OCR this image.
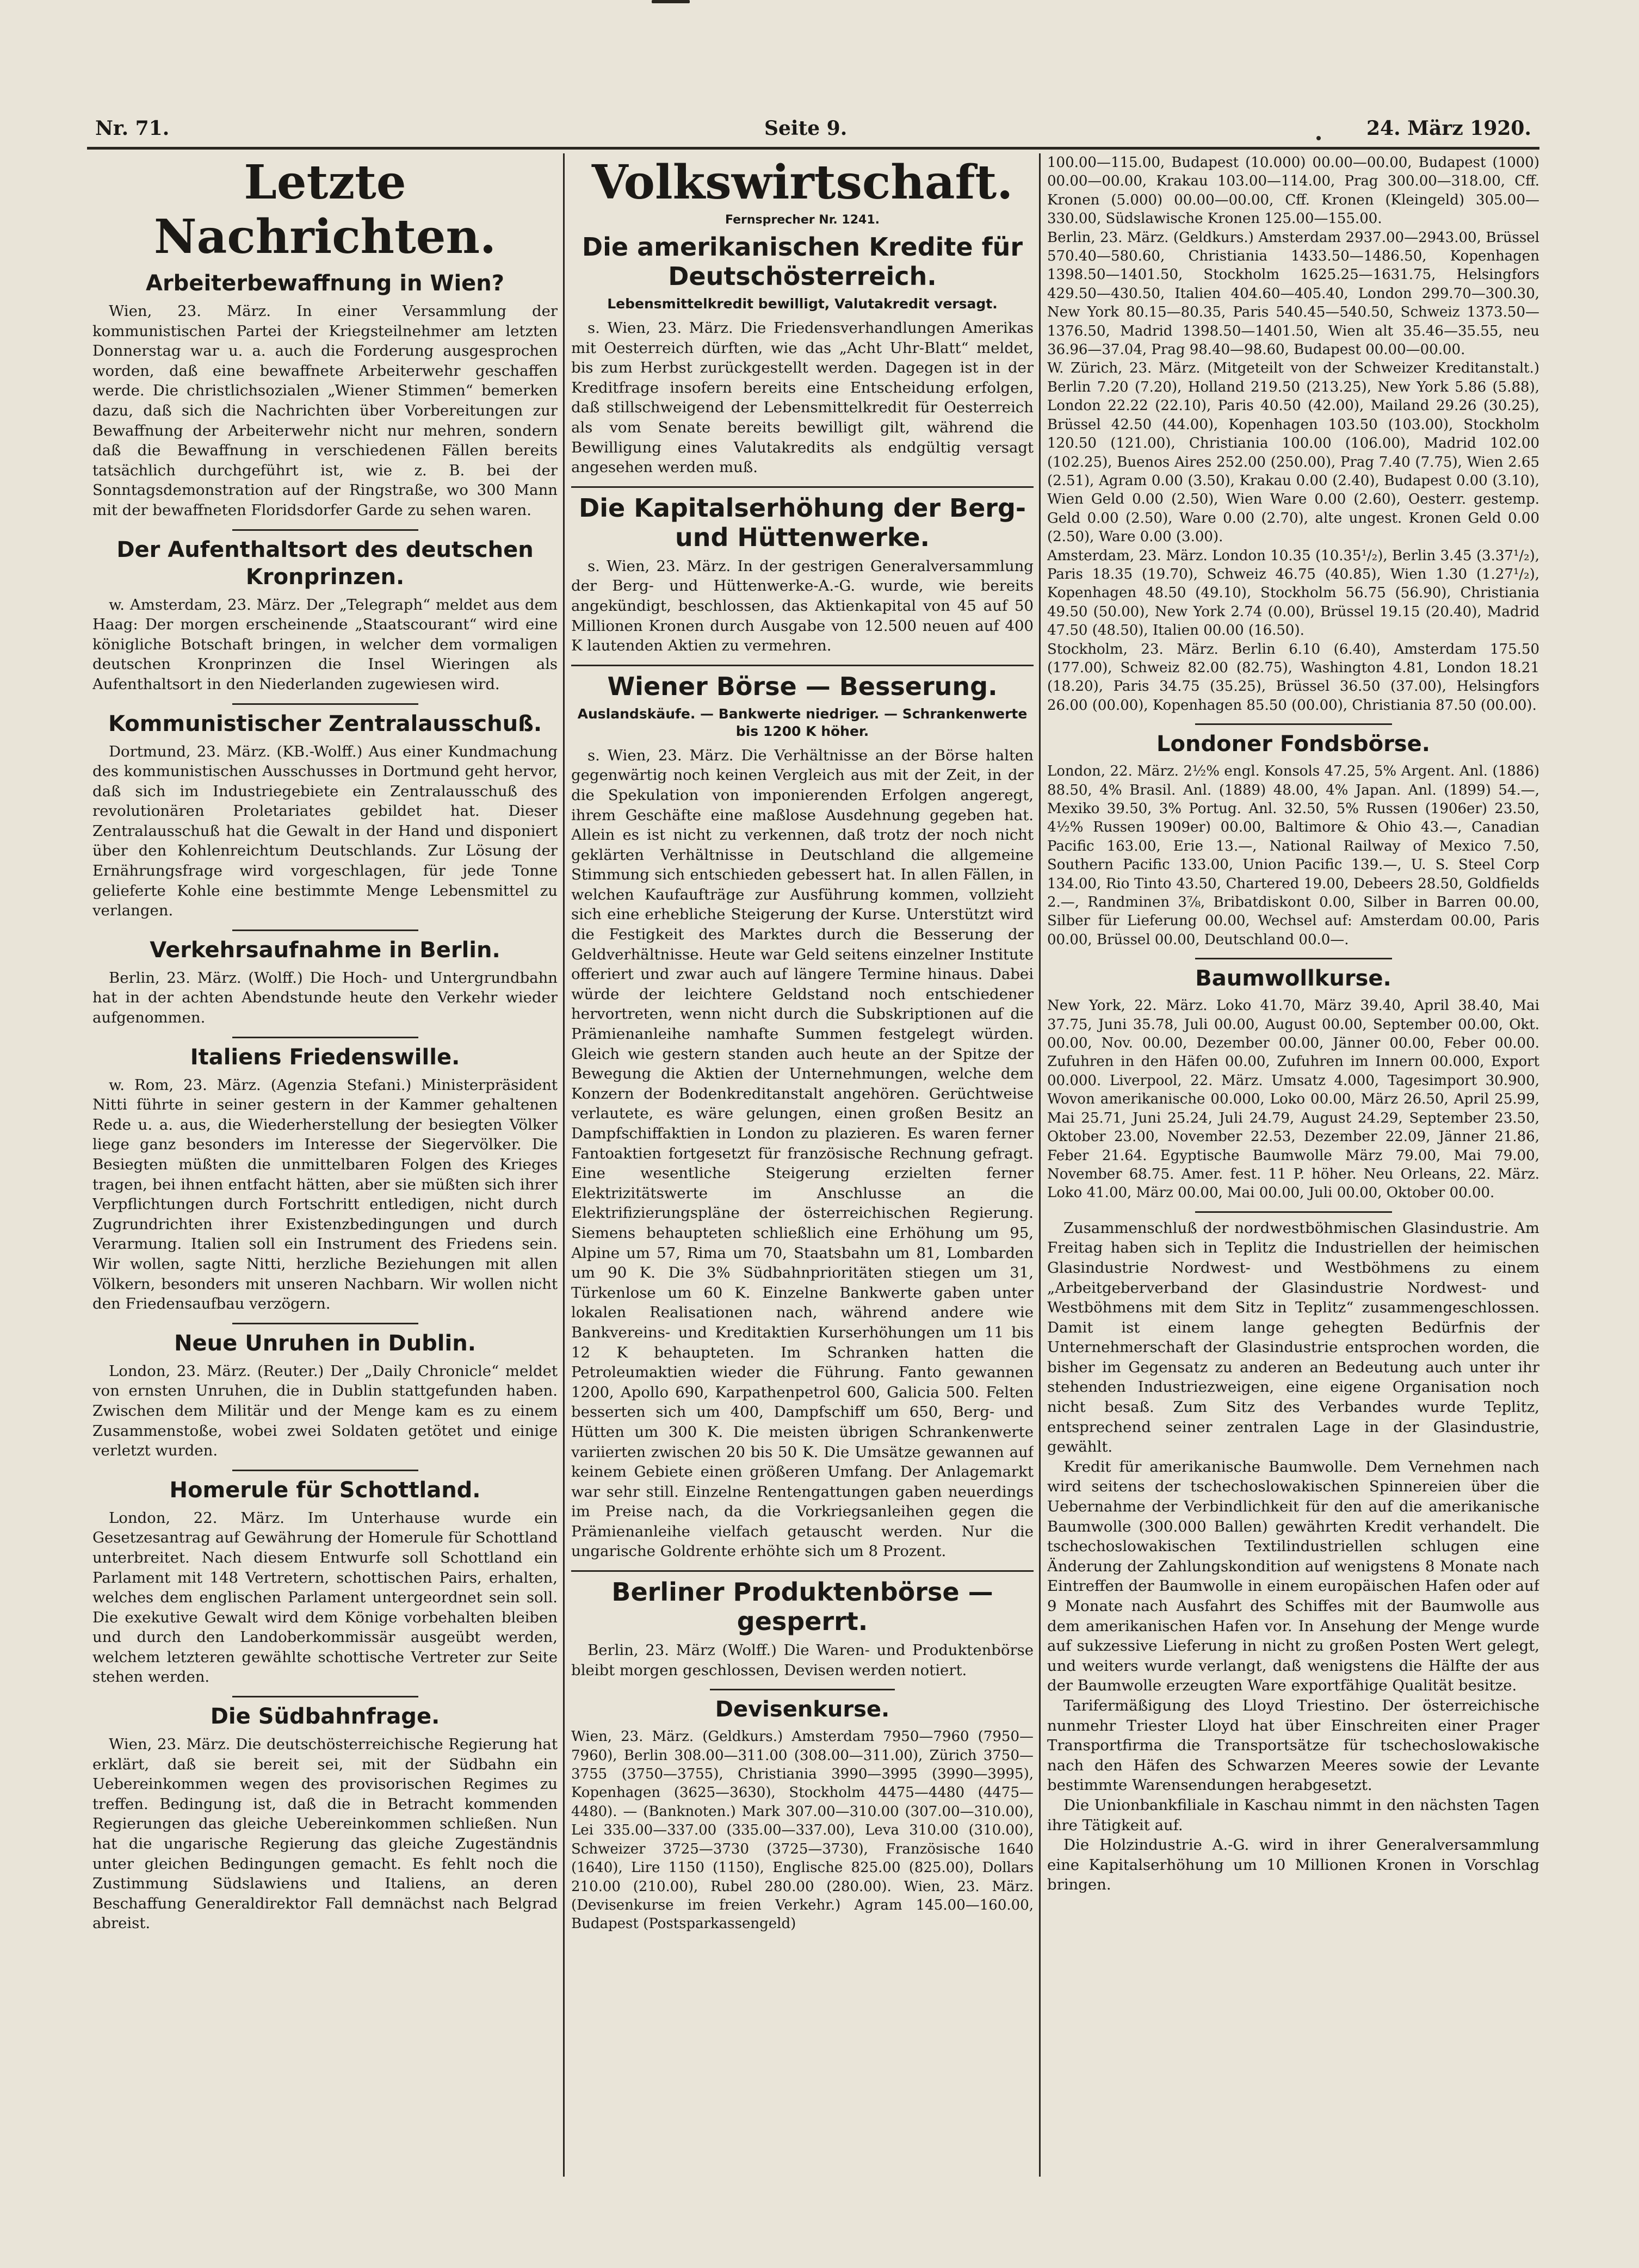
Nr. 71.	Seite 9.	24. März 1920.
Letzte Nachrichten.
Arbeiterbewaffnung in Wien?

Wien, 23. März. In einer Versammlung der kommunistischen Partei der Kriegsteilnehmer am letzten Donnerstag war u. a. auch die Forderung ausgesprochen worden, daß eine bewaffnete Arbeiterwehr geschaffen werde. Die christlichsozialen „Wiener Stimmen“ bemerken dazu, daß sich die Nachrichten über Vorbereitungen zur Bewaffnung der Arbeiterwehr nicht nur mehren, sondern daß die Bewaffnung in verschiedenen Fällen bereits tatsächlich durchgeführt ist, wie z. B. bei der Sonntagsdemonstration auf der Ringstraße, wo 300 Mann mit der bewaffneten Floridsdorfer Garde zu sehen waren.

Der Aufenthaltsort des deutschen Kronprinzen.

w. Amsterdam, 23. März. Der „Telegraph“ meldet aus dem Haag: Der morgen erscheinende „Staatscourant“ wird eine königliche Botschaft bringen, in welcher dem vormaligen deutschen Kronprinzen die Insel Wieringen als Aufenthaltsort in den Niederlanden zugewiesen wird.

Kommunistischer Zentralausschuß.

Dortmund, 23. März. (KB.-Wolff.) Aus einer Kundmachung des kommunistischen Ausschusses in Dortmund geht hervor, daß sich im Industriegebiete ein Zentralausschuß des revolutionären Proletariates gebildet hat. Dieser Zentralausschuß hat die Gewalt in der Hand und disponiert über den Kohlenreichtum Deutschlands. Zur Lösung der Ernährungsfrage wird vorgeschlagen, für jede Tonne gelieferte Kohle eine bestimmte Menge Lebensmittel zu verlangen.

Verkehrsaufnahme in Berlin.

Berlin, 23. März. (Wolff.) Die Hoch- und Untergrundbahn hat in der achten Abendstunde heute den Verkehr wieder aufgenommen.

Italiens Friedenswille.

w. Rom, 23. März. (Agenzia Stefani.) Ministerpräsident Nitti führte in seiner gestern in der Kammer gehaltenen Rede u. a. aus, die Wiederherstellung der besiegten Völker liege ganz besonders im Interesse der Siegervölker. Die Besiegten müßten die unmittelbaren Folgen des Krieges tragen, bei ihnen entfacht hätten, aber sie müßten sich ihrer Verpflichtungen durch Fortschritt entledigen, nicht durch Zugrundrichten ihrer Existenzbedingungen und durch Verarmung. Italien soll ein Instrument des Friedens sein. Wir wollen, sagte Nitti, herzliche Beziehungen mit allen Völkern, besonders mit unseren Nachbarn. Wir wollen nicht den Friedensaufbau verzögern.

Neue Unruhen in Dublin.

London, 23. März. (Reuter.) Der „Daily Chronicle“ meldet von ernsten Unruhen, die in Dublin stattgefunden haben. Zwischen dem Militär und der Menge kam es zu einem Zusammenstoße, wobei zwei Soldaten getötet und einige verletzt wurden.

Homerule für Schottland.

London, 22. März. Im Unterhause wurde ein Gesetzesantrag auf Gewährung der Homerule für Schottland unterbreitet. Nach diesem Entwurfe soll Schottland ein Parlament mit 148 Vertretern, schottischen Pairs, erhalten, welches dem englischen Parlament untergeordnet sein soll. Die exekutive Gewalt wird dem Könige vorbehalten bleiben und durch den Landoberkommissär ausgeübt werden, welchem letzteren gewählte schottische Vertreter zur Seite stehen werden.

Die Südbahnfrage.

Wien, 23. März. Die deutschösterreichische Regierung hat erklärt, daß sie bereit sei, mit der Südbahn ein Uebereinkommen wegen des provisorischen Regimes zu treffen. Bedingung ist, daß die in Betracht kommenden Regierungen das gleiche Uebereinkommen schließen. Nun hat die ungarische Regierung das gleiche Zugeständnis unter gleichen Bedingungen gemacht. Es fehlt noch die Zustimmung Südslawiens und Italiens, an deren Beschaffung Generaldirektor Fall demnächst nach Belgrad abreist.

Volkswirtschaft.
Fernsprecher Nr. 1241.
Die amerikanischen Kredite für Deutschösterreich.
Lebensmittelkredit bewilligt, Valutakredit versagt.

s. Wien, 23. März. Die Friedensverhandlungen Amerikas mit Oesterreich dürften, wie das „Acht Uhr-Blatt“ meldet, bis zum Herbst zurückgestellt werden. Dagegen ist in der Kreditfrage insofern bereits eine Entscheidung erfolgen, daß stillschweigend der Lebensmittelkredit für Oesterreich als vom Senate bereits bewilligt gilt, während die Bewilligung eines Valutakredits als endgültig versagt angesehen werden muß.

Die Kapitalserhöhung der Berg- und Hüttenwerke.

s. Wien, 23. März. In der gestrigen Generalversammlung der Berg- und Hüttenwerke-A.-G. wurde, wie bereits angekündigt, beschlossen, das Aktienkapital von 45 auf 50 Millionen Kronen durch Ausgabe von 12.500 neuen auf 400 K lautenden Aktien zu vermehren.

Wiener Börse — Besserung.
Auslandskäufe. — Bankwerte niedriger. — Schrankenwerte bis 1200 K höher.

s. Wien, 23. März. Die Verhältnisse an der Börse halten gegenwärtig noch keinen Vergleich aus mit der Zeit, in der die Spekulation von imponierenden Erfolgen angeregt, ihrem Geschäfte eine maßlose Ausdehnung gegeben hat. Allein es ist nicht zu verkennen, daß trotz der noch nicht geklärten Verhältnisse in Deutschland die allgemeine Stimmung sich entschieden gebessert hat. In allen Fällen, in welchen Kaufaufträge zur Ausführung kommen, vollzieht sich eine erhebliche Steigerung der Kurse. Unterstützt wird die Festigkeit des Marktes durch die Besserung der Geldverhältnisse. Heute war Geld seitens einzelner Institute offeriert und zwar auch auf längere Termine hinaus. Dabei würde der leichtere Geldstand noch entschiedener hervortreten, wenn nicht durch die Subskriptionen auf die Prämienanleihe namhafte Summen festgelegt würden. Gleich wie gestern standen auch heute an der Spitze der Bewegung die Aktien der Unternehmungen, welche dem Konzern der Bodenkreditanstalt angehören. Gerüchtweise verlautete, es wäre gelungen, einen großen Besitz an Dampfschiffaktien in London zu plazieren. Es waren ferner Fantoaktien fortgesetzt für französische Rechnung gefragt. Eine wesentliche Steigerung erzielten ferner Elektrizitätswerte im Anschlusse an die Elektrifizierungspläne der österreichischen Regierung. Siemens behaupteten schließlich eine Erhöhung um 95, Alpine um 57, Rima um 70, Staatsbahn um 81, Lombarden um 90 K. Die 3% Südbahnprioritäten stiegen um 31, Türkenlose um 60 K. Einzelne Bankwerte gaben unter lokalen Realisationen nach, während andere wie Bankvereins- und Kreditaktien Kurserhöhungen um 11 bis 12 K behaupteten. Im Schranken hatten die Petroleumaktien wieder die Führung. Fanto gewannen 1200, Apollo 690, Karpathenpetrol 600, Galicia 500. Felten besserten sich um 400, Dampfschiff um 650, Berg- und Hütten um 300 K. Die meisten übrigen Schrankenwerte variierten zwischen 20 bis 50 K. Die Umsätze gewannen auf keinem Gebiete einen größeren Umfang. Der Anlagemarkt war sehr still. Einzelne Rentengattungen gaben neuerdings im Preise nach, da die Vorkriegsanleihen gegen die Prämienanleihe vielfach getauscht werden. Nur die ungarische Goldrente erhöhte sich um 8 Prozent.

Berliner Produktenbörse — gesperrt.

Berlin, 23. März (Wolff.) Die Waren- und Produktenbörse bleibt morgen geschlossen, Devisen werden notiert.

Devisenkurse.

Wien, 23. März. (Geldkurs.) Amsterdam 7950—7960 (7950—7960), Berlin 308.00—311.00 (308.00—311.00), Zürich 3750—3755 (3750—3755), Christiania 3990—3995 (3990—3995), Kopenhagen (3625—3630), Stockholm 4475—4480 (4475—4480). — (Banknoten.) Mark 307.00—310.00 (307.00—310.00), Lei 335.00—337.00 (335.00—337.00), Leva 310.00 (310.00), Schweizer 3725—3730 (3725—3730), Französische 1640 (1640), Lire 1150 (1150), Englische 825.00 (825.00), Dollars 210.00 (210.00), Rubel 280.00 (280.00). Wien, 23. März. (Devisenkurse im freien Verkehr.) Agram 145.00—160.00, Budapest (Postsparkassengeld)

100.00—115.00, Budapest (10.000) 00.00—00.00, Budapest (1000) 00.00—00.00, Krakau 103.00—114.00, Prag 300.00—318.00, Cff. Kronen (5.000) 00.00—00.00, Cff. Kronen (Kleingeld) 305.00—330.00, Südslawische Kronen 125.00—155.00.

Berlin, 23. März. (Geldkurs.) Amsterdam 2937.00—2943.00, Brüssel 570.40—580.60, Christiania 1433.50—1486.50, Kopenhagen 1398.50—1401.50, Stockholm 1625.25—1631.75, Helsingfors 429.50—430.50, Italien 404.60—405.40, London 299.70—300.30, New York 80.15—80.35, Paris 540.45—540.50, Schweiz 1373.50—1376.50, Madrid 1398.50—1401.50, Wien alt 35.46—35.55, neu 36.96—37.04, Prag 98.40—98.60, Budapest 00.00—00.00.

W. Zürich, 23. März. (Mitgeteilt von der Schweizer Kreditanstalt.) Berlin 7.20 (7.20), Holland 219.50 (213.25), New York 5.86 (5.88), London 22.22 (22.10), Paris 40.50 (42.00), Mailand 29.26 (30.25), Brüssel 42.50 (44.00), Kopenhagen 103.50 (103.00), Stockholm 120.50 (121.00), Christiania 100.00 (106.00), Madrid 102.00 (102.25), Buenos Aires 252.00 (250.00), Prag 7.40 (7.75), Wien 2.65 (2.51), Agram 0.00 (3.50), Krakau 0.00 (2.40), Budapest 0.00 (3.10), Wien Geld 0.00 (2.50), Wien Ware 0.00 (2.60), Oesterr. gestemp. Geld 0.00 (2.50), Ware 0.00 (2.70), alte ungest. Kronen Geld 0.00 (2.50), Ware 0.00 (3.00).

Amsterdam, 23. März. London 10.35 (10.35¹/₂), Berlin 3.45 (3.37¹/₂), Paris 18.35 (19.70), Schweiz 46.75 (40.85), Wien 1.30 (1.27¹/₂), Kopenhagen 48.50 (49.10), Stockholm 56.75 (56.90), Christiania 49.50 (50.00), New York 2.74 (0.00), Brüssel 19.15 (20.40), Madrid 47.50 (48.50), Italien 00.00 (16.50).

Stockholm, 23. März. Berlin 6.10 (6.40), Amsterdam 175.50 (177.00), Schweiz 82.00 (82.75), Washington 4.81, London 18.21 (18.20), Paris 34.75 (35.25), Brüssel 36.50 (37.00), Helsingfors 26.00 (00.00), Kopenhagen 85.50 (00.00), Christiania 87.50 (00.00).

Londoner Fondsbörse.

London, 22. März. 2½% engl. Konsols 47.25, 5% Argent. Anl. (1886) 88.50, 4% Brasil. Anl. (1889) 48.00, 4% Japan. Anl. (1899) 54.—, Mexiko 39.50, 3% Portug. Anl. 32.50, 5% Russen (1906er) 23.50, 4½% Russen 1909er) 00.00, Baltimore & Ohio 43.—, Canadian Pacific 163.00, Erie 13.—, National Railway of Mexico 7.50, Southern Pacific 133.00, Union Pacific 139.—, U. S. Steel Corp 134.00, Rio Tinto 43.50, Chartered 19.00, Debeers 28.50, Goldfields 2.—, Randminen 3⅞, Bribatdiskont 0.00, Silber in Barren 00.00, Silber für Lieferung 00.00, Wechsel auf: Amsterdam 00.00, Paris 00.00, Brüssel 00.00, Deutschland 00.0—.

Baumwollkurse.

New York, 22. März. Loko 41.70, März 39.40, April 38.40, Mai 37.75, Juni 35.78, Juli 00.00, August 00.00, September 00.00, Okt. 00.00, Nov. 00.00, Dezember 00.00, Jänner 00.00, Feber 00.00. Zufuhren in den Häfen 00.00, Zufuhren im Innern 00.000, Export 00.000. Liverpool, 22. März. Umsatz 4.000, Tagesimport 30.900, Wovon amerikanische 00.000, Loko 00.00, März 26.50, April 25.99, Mai 25.71, Juni 25.24, Juli 24.79, August 24.29, September 23.50, Oktober 23.00, November 22.53, Dezember 22.09, Jänner 21.86, Feber 21.64. Egyptische Baumwolle März 79.00, Mai 79.00, November 68.75. Amer. fest. 11 P. höher. Neu Orleans, 22. März. Loko 41.00, März 00.00, Mai 00.00, Juli 00.00, Oktober 00.00.

Zusammenschluß der nordwestböhmischen Glasindustrie. Am Freitag haben sich in Teplitz die Industriellen der heimischen Glasindustrie Nordwest- und Westböhmens zu einem „Arbeitgeberverband der Glasindustrie Nordwest- und Westböhmens mit dem Sitz in Teplitz“ zusammengeschlossen. Damit ist einem lange gehegten Bedürfnis der Unternehmerschaft der Glasindustrie entsprochen worden, die bisher im Gegensatz zu anderen an Bedeutung auch unter ihr stehenden Industriezweigen, eine eigene Organisation noch nicht besaß. Zum Sitz des Verbandes wurde Teplitz, entsprechend seiner zentralen Lage in der Glasindustrie, gewählt.

Kredit für amerikanische Baumwolle. Dem Vernehmen nach wird seitens der tschechoslowakischen Spinnereien über die Uebernahme der Verbindlichkeit für den auf die amerikanische Baumwolle (300.000 Ballen) gewährten Kredit verhandelt. Die tschechoslowakischen Textilindustriellen schlugen eine Änderung der Zahlungskondition auf wenigstens 8 Monate nach Eintreffen der Baumwolle in einem europäischen Hafen oder auf 9 Monate nach Ausfahrt des Schiffes mit der Baumwolle aus dem amerikanischen Hafen vor. In Ansehung der Menge wurde auf sukzessive Lieferung in nicht zu großen Posten Wert gelegt, und weiters wurde verlangt, daß wenigstens die Hälfte der aus der Baumwolle erzeugten Ware exportfähige Qualität besitze.

Tarifermäßigung des Lloyd Triestino. Der österreichische nunmehr Triester Lloyd hat über Einschreiten einer Prager Transportfirma die Transportsätze für tschechoslowakische nach den Häfen des Schwarzen Meeres sowie der Levante bestimmte Warensendungen herabgesetzt.

Die Unionbankfiliale in Kaschau nimmt in den nächsten Tagen ihre Tätigkeit auf.

Die Holzindustrie A.-G. wird in ihrer Generalversammlung eine Kapitalserhöhung um 10 Millionen Kronen in Vorschlag bringen.
